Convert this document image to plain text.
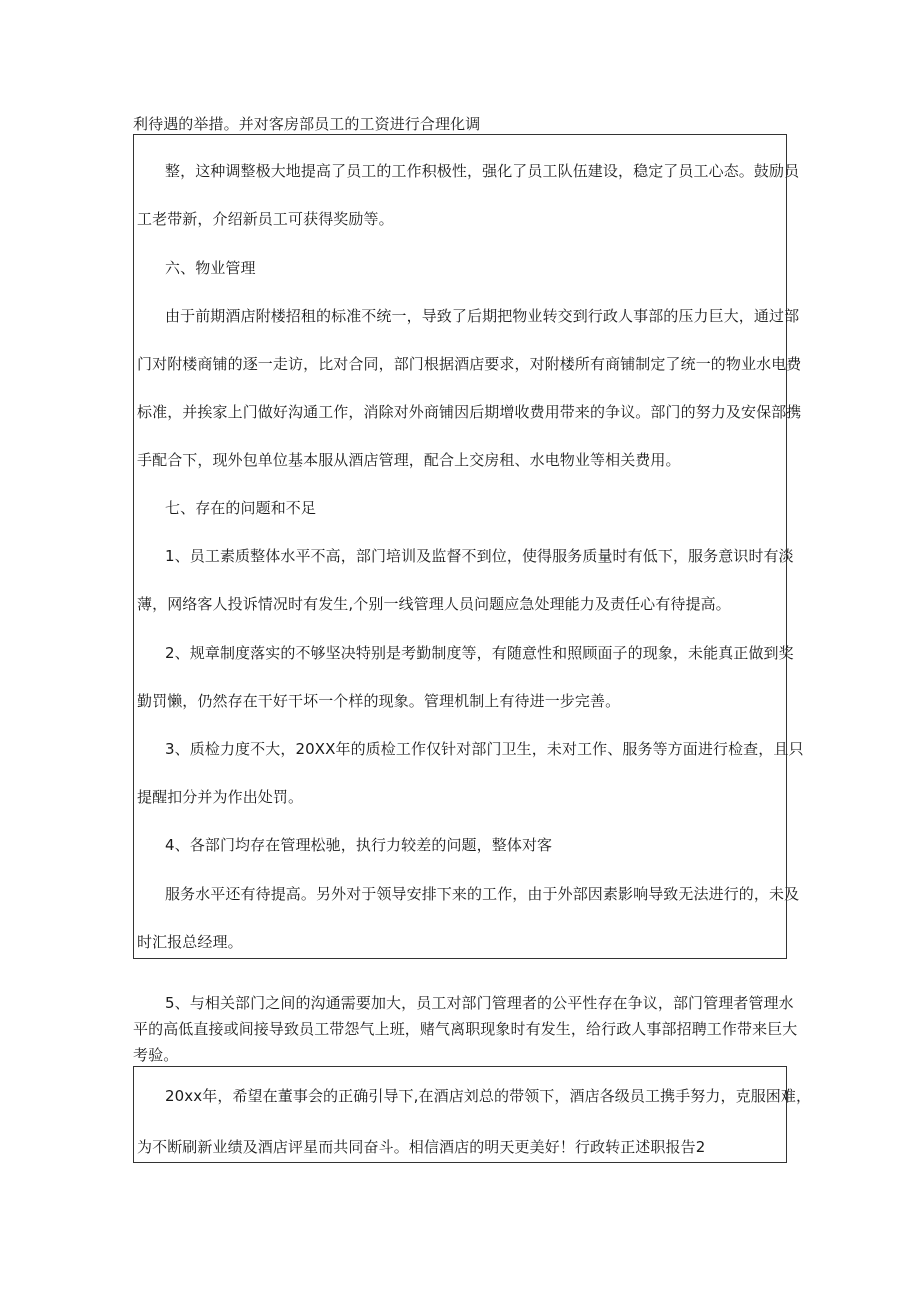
利待遇的举措。并对客房部员工的工资进行合理化调
整，这种调整极大地提高了员工的工作积极性，强化了员工队伍建设，稳定了员工心态。鼓励员
工老带新，介绍新员工可获得奖励等。
六、物业管理
由于前期酒店附楼招租的标准不统一，导致了后期把物业转交到行政人事部的压力巨大，通过部
门对附楼商铺的逐一走访，比对合同，部门根据酒店要求，对附楼所有商铺制定了统一的物业水电费
标准，并挨家上门做好沟通工作，消除对外商铺因后期增收费用带来的争议。部门的努力及安保部携
手配合下，现外包单位基本服从酒店管理，配合上交房租、水电物业等相关费用。
七、存在的问题和不足
1、员工素质整体水平不高，部门培训及监督不到位，使得服务质量时有低下，服务意识时有淡
薄，网络客人投诉情况时有发生,个别一线管理人员问题应急处理能力及责任心有待提高。
2、规章制度落实的不够坚决特别是考勤制度等，有随意性和照顾面子的现象，未能真正做到奖
勤罚懒，仍然存在干好干坏一个样的现象。管理机制上有待进一步完善。
3、质检力度不大，20XX年的质检工作仅针对部门卫生，未对工作、服务等方面进行检查，且只
提醒扣分并为作出处罚。
4、各部门均存在管理松驰，执行力较差的问题，整体对客
服务水平还有待提高。另外对于领导安排下来的工作，由于外部因素影响导致无法进行的，未及
时汇报总经理。
5、与相关部门之间的沟通需要加大，员工对部门管理者的公平性存在争议，部门管理者管理水
平的高低直接或间接导致员工带怨气上班，赌气离职现象时有发生，给行政人事部招聘工作带来巨大
考验。
20xx年，希望在董事会的正确引导下,在酒店刘总的带领下，酒店各级员工携手努力，克服困难，
为不断刷新业绩及酒店评星而共同奋斗。相信酒店的明天更美好！行政转正述职报告2
